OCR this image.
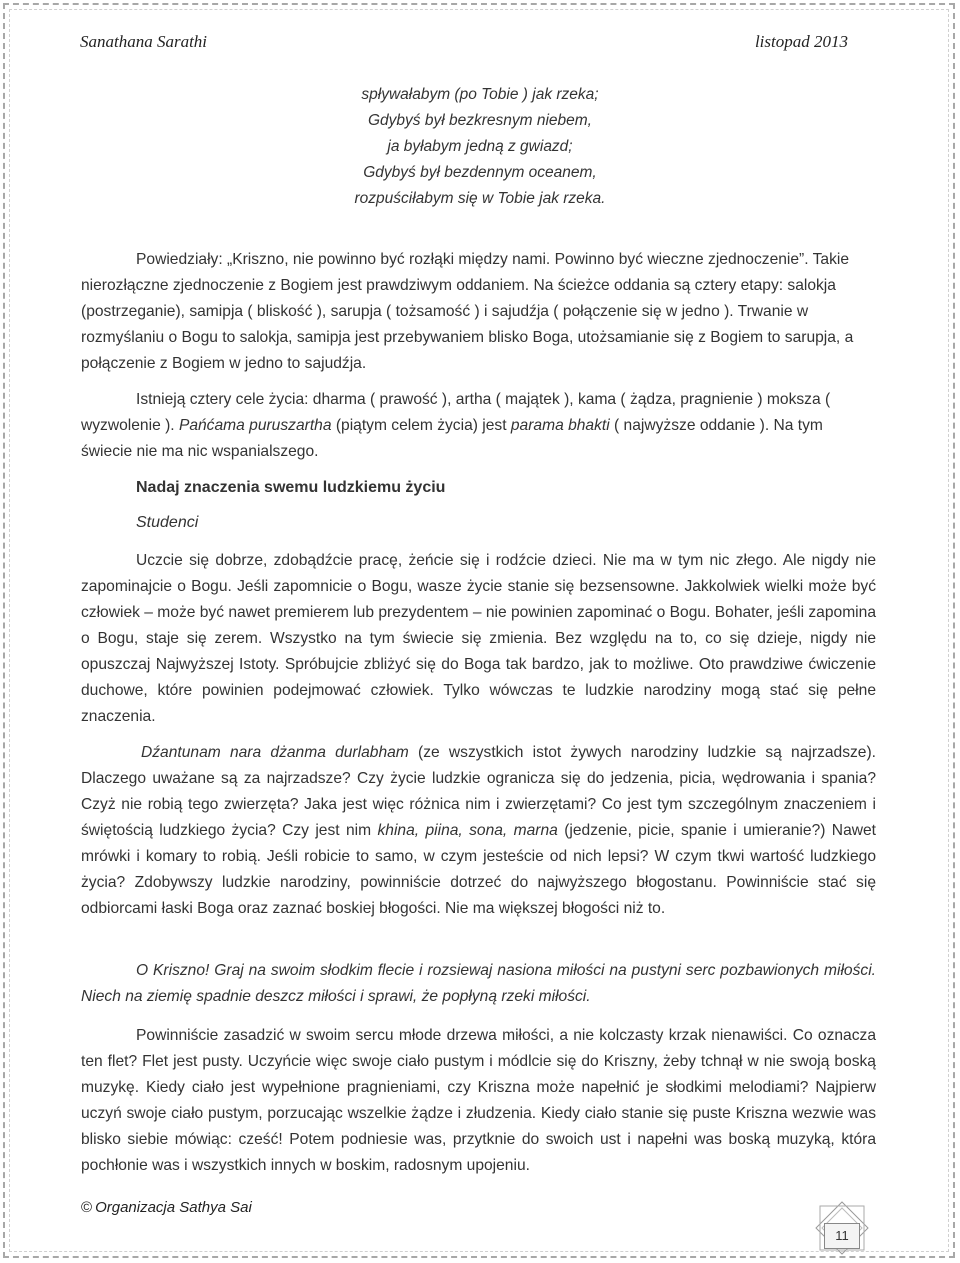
Sanathana Sarathi	listopad 2013
spływałabym (po Tobie ) jak rzeka;
Gdybyś był bezkresnym niebem,
ja byłabym jedną z gwiazd;
Gdybyś był bezdennym oceanem,
rozpuściłabym się w Tobie jak rzeka.

Powiedziały: „Kriszno, nie powinno być rozłąki między nami. Powinno być wieczne zjednoczenie”. Takie nierozłączne zjednoczenie z Bogiem jest prawdziwym oddaniem. Na ścieżce oddania są cztery etapy: salokja (postrzeganie), samipja ( bliskość ), sarupja ( tożsamość ) i sajudźja ( połączenie się w jedno ). Trwanie w rozmyślaniu o Bogu to salokja, samipja jest przebywaniem blisko Boga, utożsamianie się z Bogiem to sarupja, a połączenie z Bogiem w jedno to sajudźja.

Istnieją cztery cele życia: dharma ( prawość ), artha ( majątek ), kama ( żądza, pragnienie ) moksza ( wyzwolenie ). Pańćama puruszartha (piątym celem życia) jest parama bhakti ( najwyższe oddanie ). Na tym świecie nie ma nic wspanialszego.

Nadaj znaczenia swemu ludzkiemu życiu
Studenci

Uczcie się dobrze, zdobądźcie pracę, żeńcie się i rodźcie dzieci. Nie ma w tym nic złego. Ale nigdy nie zapominajcie o Bogu. Jeśli zapomnicie o Bogu, wasze życie stanie się bezsensowne. Jakkolwiek wielki może być człowiek – może być nawet premierem lub prezydentem – nie powinien zapominać o Bogu. Bohater, jeśli zapomina o Bogu, staje się zerem. Wszystko na tym świecie się zmienia. Bez względu na to, co się dzieje, nigdy nie opuszczaj Najwyższej Istoty. Spróbujcie zbliżyć się do Boga tak bardzo, jak to możliwe. Oto prawdziwe ćwiczenie duchowe, które powinien podejmować człowiek. Tylko wówczas te ludzkie narodziny mogą stać się pełne znaczenia.

Dźantunam nara dżanma durlabham (ze wszystkich istot żywych narodziny ludzkie są najrzadsze). Dlaczego uważane są za najrzadsze? Czy życie ludzkie ogranicza się do jedzenia, picia, wędrowania i spania? Czyż nie robią tego zwierzęta? Jaka jest więc różnica nim i zwierzętami? Co jest tym szczególnym znaczeniem i świętością ludzkiego życia? Czy jest nim khina, piina, sona, marna (jedzenie, picie, spanie i umieranie?) Nawet mrówki i komary to robią. Jeśli robicie to samo, w czym jesteście od nich lepsi? W czym tkwi wartość ludzkiego życia? Zdobywszy ludzkie narodziny, powinniście dotrzeć do najwyższego błogostanu. Powinniście stać się odbiorcami łaski Boga oraz zaznać boskiej błogości. Nie ma większej błogości niż to.

O Kriszno! Graj na swoim słodkim flecie i rozsiewaj nasiona miłości na pustyni serc pozbawionych miłości. Niech na ziemię spadnie deszcz miłości i sprawi, że popłyną rzeki miłości.

Powinniście zasadzić w swoim sercu młode drzewa miłości, a nie kolczasty krzak nienawiści. Co oznacza ten flet? Flet jest pusty. Uczyńcie więc swoje ciało pustym i módlcie się do Kriszny, żeby tchnął w nie swoją boską muzykę. Kiedy ciało jest wypełnione pragnieniami, czy Kriszna może napełnić je słodkimi melodiami? Najpierw uczyń swoje ciało pustym, porzucając wszelkie żądze i złudzenia. Kiedy ciało stanie się puste Kriszna wezwie was blisko siebie mówiąc: cześć! Potem podniesie was, przytknie do swoich ust i napełni was boską muzyką, która pochłonie was i wszystkich innych w boskim, radosnym upojeniu.

© Organizacja Sathya Sai
11
